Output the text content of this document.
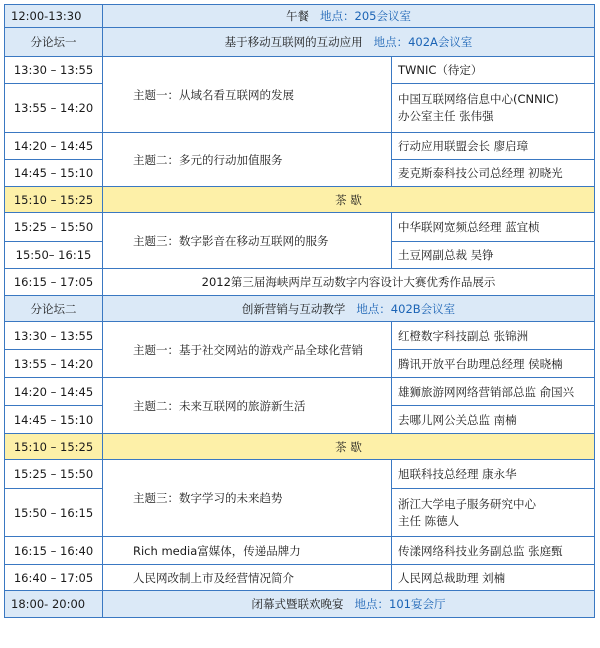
12:00-13:30	午餐 地点：205会议室	
分论坛一	基于移动互联网的互动应用 地点：402A会议室	
13:30 – 13:55	主题一：从域名看互联网的发展	TWNIC（待定）
13:55 – 14:20		中国互联网络信息中心(CNNIC)
办公室主任 张伟强
14:20 – 14:45	主题二：多元的行动加值服务	行动应用联盟会长 廖启璋
14:45 – 15:10		麦克斯泰科技公司总经理 初晓光
15:10 – 15:25	茶 歇	
15:25 – 15:50	主题三：数字影音在移动互联网的服务	中华联网宽频总经理 蓝宜桢
15:50– 16:15		土豆网副总裁 吴铮
16:15 – 17:05	2012第三届海峡两岸互动数字内容设计大赛优秀作品展示	
分论坛二	创新营销与互动教学 地点：402B会议室	
13:30 – 13:55	主题一：基于社交网站的游戏产品全球化营销	红橙数字科技副总 张锦洲
13:55 – 14:20		腾讯开放平台助理总经理 侯晓楠
14:20 – 14:45	主题二：未来互联网的旅游新生活	雄狮旅游网网络营销部总监 俞国兴
14:45 – 15:10		去哪儿网公关总监 南楠
15:10 – 15:25	茶 歇	
15:25 – 15:50	主题三：数字学习的未来趋势	旭联科技总经理 康永华
15:50 – 16:15		浙江大学电子服务研究中心
主任 陈德人
16:15 – 16:40	Rich media富媒体，传递品牌力	传漾网络科技业务副总监 张庭甄
16:40 – 17:05	人民网改制上市及经营情况简介	人民网总裁助理 刘楠
18:00- 20:00	闭幕式暨联欢晚宴 地点：101宴会厅	
